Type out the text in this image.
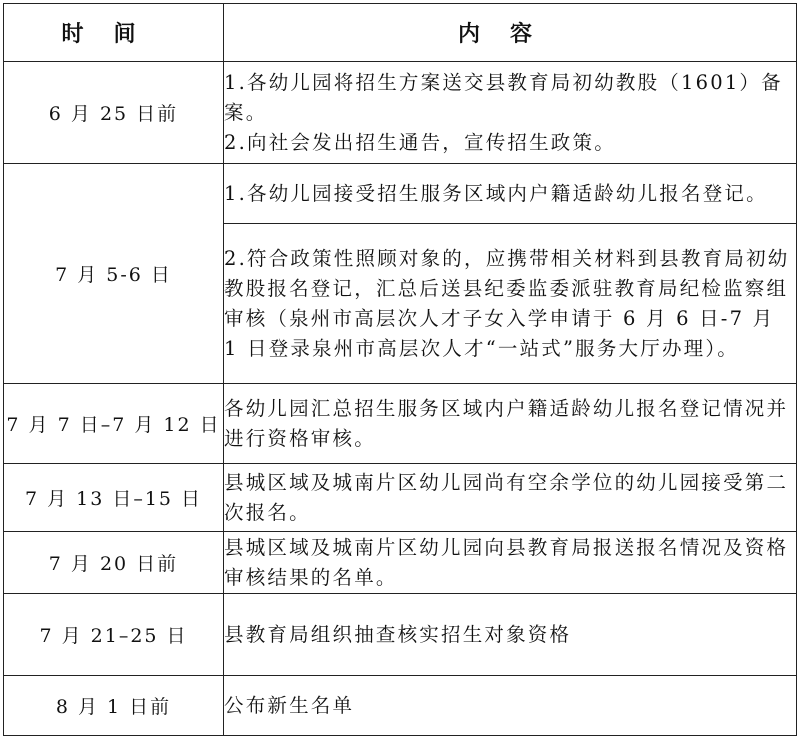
时间	内容
6 月 25 日前	1.各幼儿园将招生方案送交县教育局初幼教股（1601）备案。

2.向社会发出招生通告，宣传招生政策。

7 月 5-6 日	1.各幼儿园接受招生服务区域内户籍适龄幼儿报名登记。

	2.符合政策性照顾对象的，应携带相关材料到县教育局初幼教股报名登记，汇总后送县纪委监委派驻教育局纪检监察组审核（泉州市高层次人才子女入学申请于 6 月 6 日-7 月 1 日登录泉州市高层次人才“一站式”服务大厅办理）。

7 月 7 日–7 月 12 日	各幼儿园汇总招生服务区域内户籍适龄幼儿报名登记情况并进行资格审核。

7 月 13 日–15 日	县城区域及城南片区幼儿园尚有空余学位的幼儿园接受第二次报名。

7 月 20 日前	县城区域及城南片区幼儿园向县教育局报送报名情况及资格审核结果的名单。

7 月 21–25 日	县教育局组织抽查核实招生对象资格

8 月 1 日前	公布新生名单
